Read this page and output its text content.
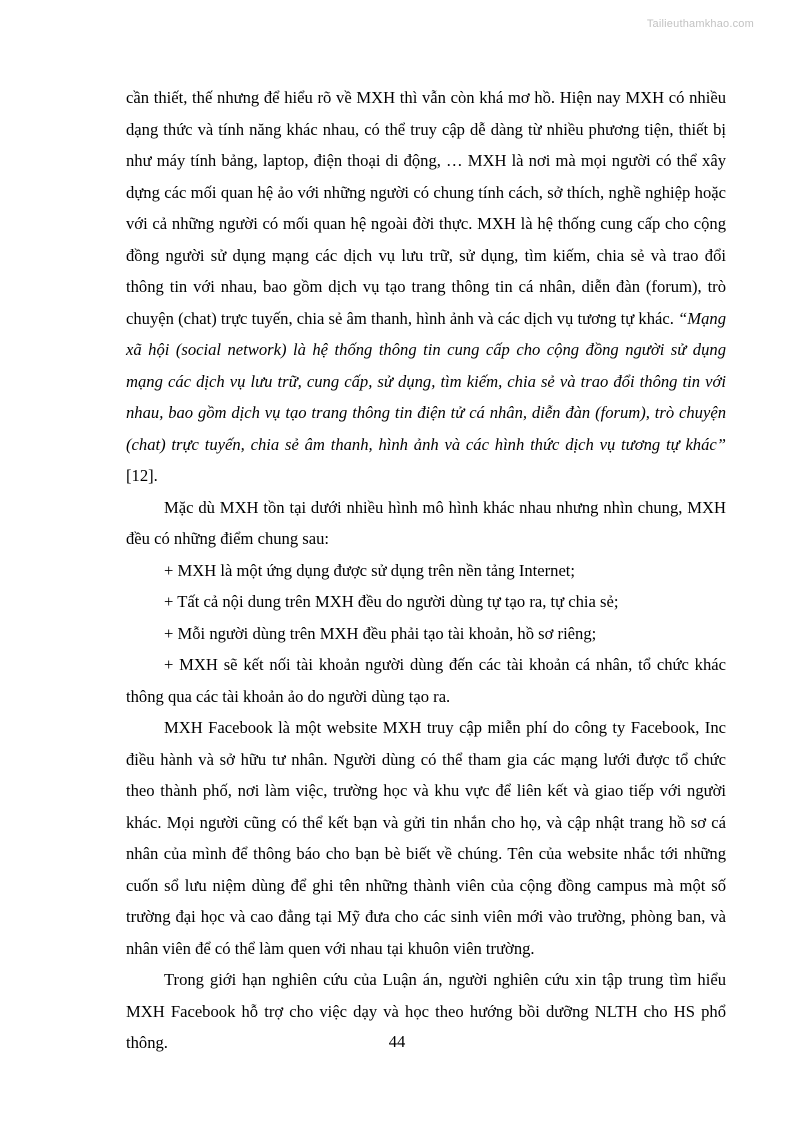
Tailieuthamkhao.com

cần thiết, thế nhưng để hiểu rõ về MXH thì vẫn còn khá mơ hồ. Hiện nay MXH có nhiều dạng thức và tính năng khác nhau, có thể truy cập dễ dàng từ nhiều phương tiện, thiết bị như máy tính bảng, laptop, điện thoại di động, … MXH là nơi mà mọi người có thể xây dựng các mối quan hệ ảo với những người có chung tính cách, sở thích, nghề nghiệp hoặc với cả những người có mối quan hệ ngoài đời thực. MXH là hệ thống cung cấp cho cộng đồng người sử dụng mạng các dịch vụ lưu trữ, sử dụng, tìm kiếm, chia sẻ và trao đổi thông tin với nhau, bao gồm dịch vụ tạo trang thông tin cá nhân, diễn đàn (forum), trò chuyện (chat) trực tuyến, chia sẻ âm thanh, hình ảnh và các dịch vụ tương tự khác. “Mạng xã hội (social network) là hệ thống thông tin cung cấp cho cộng đồng người sử dụng mạng các dịch vụ lưu trữ, cung cấp, sử dụng, tìm kiếm, chia sẻ và trao đổi thông tin với nhau, bao gồm dịch vụ tạo trang thông tin điện tử cá nhân, diễn đàn (forum), trò chuyện (chat) trực tuyến, chia sẻ âm thanh, hình ảnh và các hình thức dịch vụ tương tự khác” [12].

Mặc dù MXH tồn tại dưới nhiều hình mô hình khác nhau nhưng nhìn chung, MXH đều có những điểm chung sau:

+ MXH là một ứng dụng được sử dụng trên nền tảng Internet;

+ Tất cả nội dung trên MXH đều do người dùng tự tạo ra, tự chia sẻ;

+ Mỗi người dùng trên MXH đều phải tạo tài khoản, hồ sơ riêng;

+ MXH sẽ kết nối tài khoản người dùng đến các tài khoản cá nhân, tổ chức khác thông qua các tài khoản ảo do người dùng tạo ra.

MXH Facebook là một website MXH truy cập miễn phí do công ty Facebook, Inc điều hành và sở hữu tư nhân. Người dùng có thể tham gia các mạng lưới được tổ chức theo thành phố, nơi làm việc, trường học và khu vực để liên kết và giao tiếp với người khác. Mọi người cũng có thể kết bạn và gửi tin nhắn cho họ, và cập nhật trang hồ sơ cá nhân của mình để thông báo cho bạn bè biết về chúng. Tên của website nhắc tới những cuốn sổ lưu niệm dùng để ghi tên những thành viên của cộng đồng campus mà một số trường đại học và cao đẳng tại Mỹ đưa cho các sinh viên mới vào trường, phòng ban, và nhân viên để có thể làm quen với nhau tại khuôn viên trường.

Trong giới hạn nghiên cứu của Luận án, người nghiên cứu xin tập trung tìm hiểu MXH Facebook hỗ trợ cho việc dạy và học theo hướng bồi dưỡng NLTH cho HS phổ thông.	44
